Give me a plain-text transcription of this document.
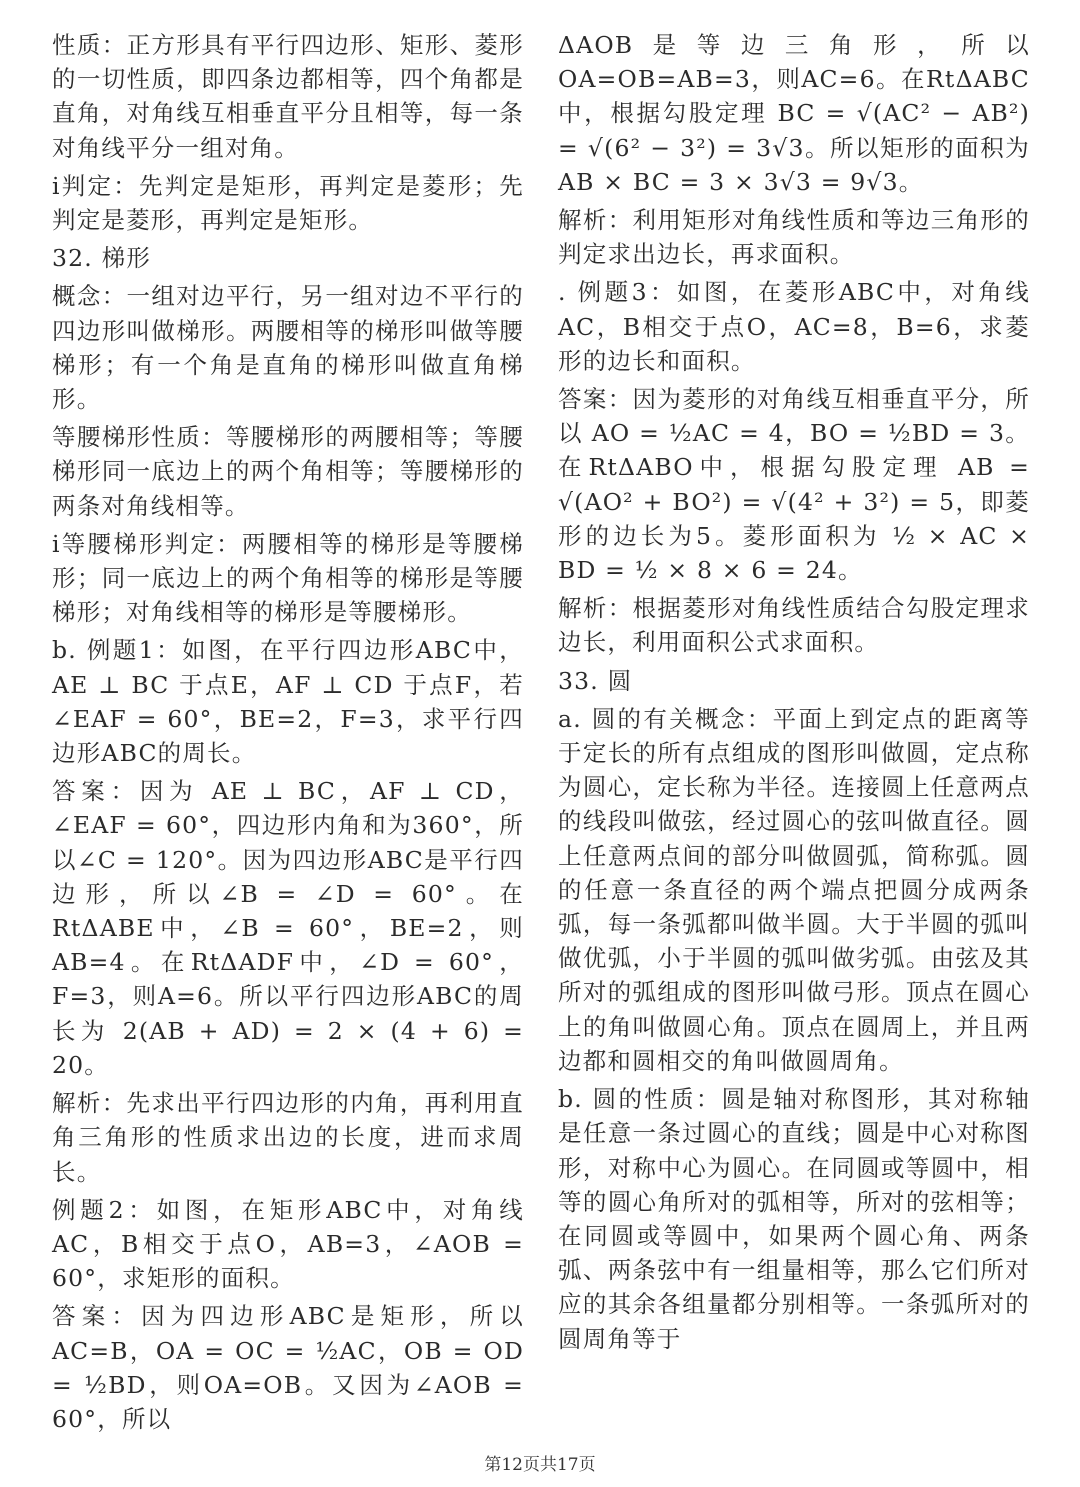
性质：正方形具有平行四边形、矩形、菱形的一切性质，即四条边都相等，四个角都是直角，对角线互相垂直平分且相等，每一条对角线平分一组对角。

i判定：先判定是矩形，再判定是菱形；先判定是菱形，再判定是矩形。

32. 梯形

概念：一组对边平行，另一组对边不平行的四边形叫做梯形。两腰相等的梯形叫做等腰梯形；有一个角是直角的梯形叫做直角梯形。

等腰梯形性质：等腰梯形的两腰相等；等腰梯形同一底边上的两个角相等；等腰梯形的两条对角线相等。

i等腰梯形判定：两腰相等的梯形是等腰梯形；同一底边上的两个角相等的梯形是等腰梯形；对角线相等的梯形是等腰梯形。

b. 例题1：如图，在平行四边形ABC中，AE ⊥ BC 于点E，AF ⊥ CD 于点F，若 ∠EAF = 60°，BE=2，F=3，求平行四边形ABC的周长。

答案：因为 AE ⊥ BC，AF ⊥ CD，∠EAF = 60°，四边形内角和为360°，所以∠C = 120°。因为四边形ABC是平行四边形，所以∠B = ∠D = 60°。在RtΔABE中，∠B = 60°，BE=2，则AB=4。在RtΔADF中，∠D = 60°，F=3，则A=6。所以平行四边形ABC的周长为 2(AB + AD) = 2 × (4 + 6) = 20。

解析：先求出平行四边形的内角，再利用直角三角形的性质求出边的长度，进而求周长。

例题2：如图，在矩形ABC中，对角线AC，B相交于点O，AB=3，∠AOB = 60°，求矩形的面积。

答案：因为四边形ABC是矩形，所以AC=B，OA = OC = ½AC，OB = OD = ½BD，则OA=OB。又因为∠AOB = 60°，所以

ΔAOB是等边三角形，所以OA=OB=AB=3，则AC=6。在RtΔABC中，根据勾股定理 BC = √(AC² − AB²) = √(6² − 3²) = 3√3。所以矩形的面积为 AB × BC = 3 × 3√3 = 9√3。

解析：利用矩形对角线性质和等边三角形的判定求出边长，再求面积。

. 例题3：如图，在菱形ABC中，对角线AC，B相交于点O，AC=8，B=6，求菱形的边长和面积。

答案：因为菱形的对角线互相垂直平分，所以 AO = ½AC = 4，BO = ½BD = 3。在RtΔABO中，根据勾股定理 AB = √(AO² + BO²) = √(4² + 3²) = 5，即菱形的边长为5。菱形面积为 ½ × AC × BD = ½ × 8 × 6 = 24。

解析：根据菱形对角线性质结合勾股定理求边长，利用面积公式求面积。

33. 圆

a. 圆的有关概念：平面上到定点的距离等于定长的所有点组成的图形叫做圆，定点称为圆心，定长称为半径。连接圆上任意两点的线段叫做弦，经过圆心的弦叫做直径。圆上任意两点间的部分叫做圆弧，简称弧。圆的任意一条直径的两个端点把圆分成两条弧，每一条弧都叫做半圆。大于半圆的弧叫做优弧，小于半圆的弧叫做劣弧。由弦及其所对的弧组成的图形叫做弓形。顶点在圆心上的角叫做圆心角。顶点在圆周上，并且两边都和圆相交的角叫做圆周角。

b. 圆的性质：圆是轴对称图形，其对称轴是任意一条过圆心的直线；圆是中心对称图形，对称中心为圆心。在同圆或等圆中，相等的圆心角所对的弧相等，所对的弦相等；在同圆或等圆中，如果两个圆心角、两条弧、两条弦中有一组量相等，那么它们所对应的其余各组量都分别相等。一条弧所对的圆周角等于

第12页共17页
